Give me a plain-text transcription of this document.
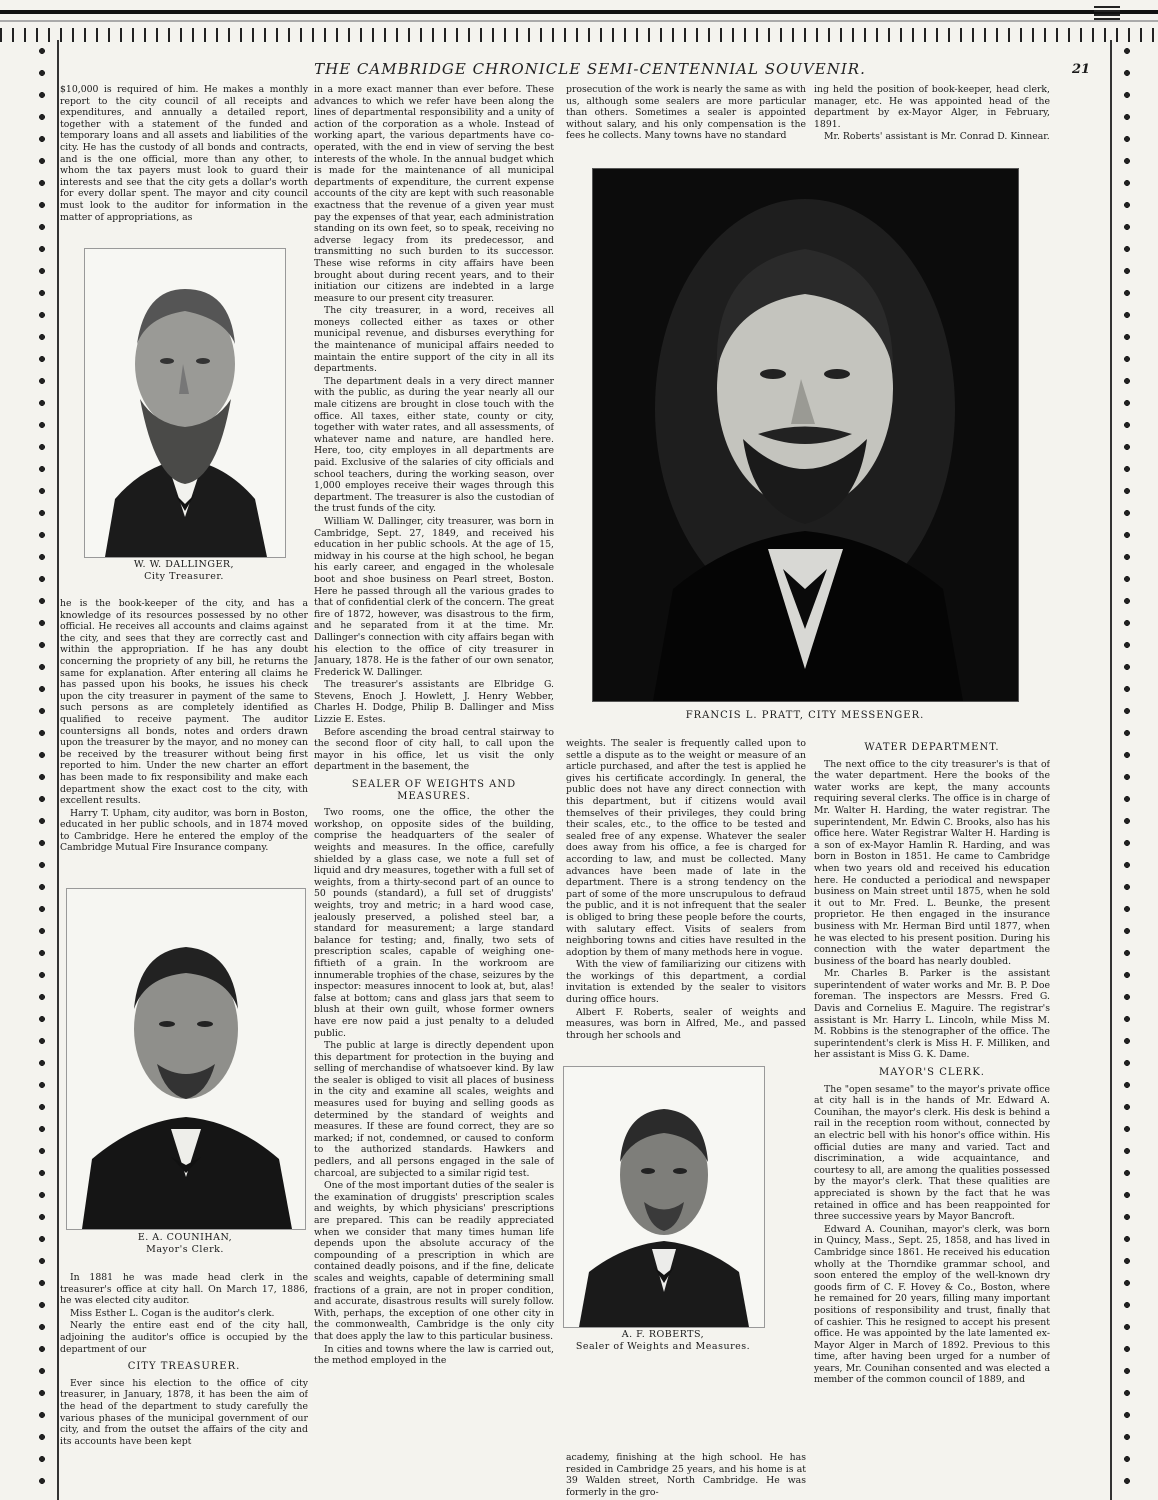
THE CAMBRIDGE CHRONICLE SEMI-CENTENNIAL SOUVENIR.	21

$10,000 is required of him. He makes a monthly report to the city council of all receipts and expenditures, and annually a detailed report, together with a statement of the funded and temporary loans and all assets and liabilities of the city. He has the custody of all bonds and contracts, and is the one official, more than any other, to whom the tax payers must look to guard their interests and see that the city gets a dollar's worth for every dollar spent. The mayor and city council must look to the auditor for information in the matter of appropriations, as

W. W. DALLINGER,
City Treasurer.

he is the book-keeper of the city, and has a knowledge of its resources possessed by no other official. He receives all accounts and claims against the city, and sees that they are correctly cast and within the appropriation. If he has any doubt concerning the propriety of any bill, he returns the same for explanation. After entering all claims he has passed upon his books, he issues his check upon the city treasurer in payment of the same to such persons as are completely identified as qualified to receive payment. The auditor countersigns all bonds, notes and orders drawn upon the treasurer by the mayor, and no money can be received by the treasurer without being first reported to him. Under the new charter an effort has been made to fix responsibility and make each department show the exact cost to the city, with excellent results.

Harry T. Upham, city auditor, was born in Boston, educated in her public schools, and in 1874 moved to Cambridge. Here he entered the employ of the Cambridge Mutual Fire Insurance company.

E. A. COUNIHAN,
Mayor's Clerk.

In 1881 he was made head clerk in the treasurer's office at city hall. On March 17, 1886, he was elected city auditor.

Miss Esther L. Cogan is the auditor's clerk.

Nearly the entire east end of the city hall, adjoining the auditor's office is occupied by the department of our

CITY TREASURER.

Ever since his election to the office of city treasurer, in January, 1878, it has been the aim of the head of the department to study carefully the various phases of the municipal government of our city, and from the outset the affairs of the city and its accounts have been kept

in a more exact manner than ever before. These advances to which we refer have been along the lines of departmental responsibility and a unity of action of the corporation as a whole. Instead of working apart, the various departments have co-operated, with the end in view of serving the best interests of the whole. In the annual budget which is made for the maintenance of all municipal departments of expenditure, the current expense accounts of the city are kept with such reasonable exactness that the revenue of a given year must pay the expenses of that year, each administration standing on its own feet, so to speak, receiving no adverse legacy from its predecessor, and transmitting no such burden to its successor. These wise reforms in city affairs have been brought about during recent years, and to their initiation our citizens are indebted in a large measure to our present city treasurer.

The city treasurer, in a word, receives all moneys collected either as taxes or other municipal revenue, and disburses everything for the maintenance of municipal affairs needed to maintain the entire support of the city in all its departments.

The department deals in a very direct manner with the public, as during the year nearly all our male citizens are brought in close touch with the office. All taxes, either state, county or city, together with water rates, and all assessments, of whatever name and nature, are handled here. Here, too, city employes in all departments are paid. Exclusive of the salaries of city officials and school teachers, during the working season, over 1,000 employes receive their wages through this department. The treasurer is also the custodian of the trust funds of the city.

William W. Dallinger, city treasurer, was born in Cambridge, Sept. 27, 1849, and received his education in her public schools. At the age of 15, midway in his course at the high school, he began his early career, and engaged in the wholesale boot and shoe business on Pearl street, Boston. Here he passed through all the various grades to that of confidential clerk of the concern. The great fire of 1872, however, was disastrous to the firm, and he separated from it at the time. Mr. Dallinger's connection with city affairs began with his election to the office of city treasurer in January, 1878. He is the father of our own senator, Frederick W. Dallinger.

The treasurer's assistants are Elbridge G. Stevens, Enoch J. Howlett, J. Henry Webber, Charles H. Dodge, Philip B. Dallinger and Miss Lizzie E. Estes.

Before ascending the broad central stairway to the second floor of city hall, to call upon the mayor in his office, let us visit the only department in the basement, the

SEALER OF WEIGHTS AND MEASURES.

Two rooms, one the office, the other the workshop, on opposite sides of the building, comprise the headquarters of the sealer of weights and measures. In the office, carefully shielded by a glass case, we note a full set of liquid and dry measures, together with a full set of weights, from a thirty-second part of an ounce to 50 pounds (standard), a full set of druggists' weights, troy and metric; in a hard wood case, jealously preserved, a polished steel bar, a standard for measurement; a large standard balance for testing; and, finally, two sets of prescription scales, capable of weighing one-fiftieth of a grain. In the workroom are innumerable trophies of the chase, seizures by the inspector: measures innocent to look at, but, alas! false at bottom; cans and glass jars that seem to blush at their own guilt, whose former owners have ere now paid a just penalty to a deluded public.

The public at large is directly dependent upon this department for protection in the buying and selling of merchandise of whatsoever kind. By law the sealer is obliged to visit all places of business in the city and examine all scales, weights and measures used for buying and selling goods as determined by the standard of weights and measures. If these are found correct, they are so marked; if not, condemned, or caused to conform to the authorized standards. Hawkers and pedlers, and all persons engaged in the sale of charcoal, are subjected to a similar rigid test.

One of the most important duties of the sealer is the examination of druggists' prescription scales and weights, by which physicians' prescriptions are prepared. This can be readily appreciated when we consider that many times human life depends upon the absolute accuracy of the compounding of a prescription in which are contained deadly poisons, and if the fine, delicate scales and weights, capable of determining small fractions of a grain, are not in proper condition, and accurate, disastrous results will surely follow. With, perhaps, the exception of one other city in the commonwealth, Cambridge is the only city that does apply the law to this particular business.

In cities and towns where the law is carried out, the method employed in the

prosecution of the work is nearly the same as with us, although some sealers are more particular than others. Sometimes a sealer is appointed without salary, and his only compensation is the fees he collects. Many towns have no standard

ing held the position of book-keeper, head clerk, manager, etc. He was appointed head of the department by ex-Mayor Alger, in February, 1891.

Mr. Roberts' assistant is Mr. Conrad D. Kinnear.

FRANCIS L. PRATT, CITY MESSENGER.

weights. The sealer is frequently called upon to settle a dispute as to the weight or measure of an article purchased, and after the test is applied he gives his certificate accordingly. In general, the public does not have any direct connection with this department, but if citizens would avail themselves of their privileges, they could bring their scales, etc., to the office to be tested and sealed free of any expense. Whatever the sealer does away from his office, a fee is charged for according to law, and must be collected. Many advances have been made of late in the department. There is a strong tendency on the part of some of the more unscrupulous to defraud the public, and it is not infrequent that the sealer is obliged to bring these people before the courts, with salutary effect. Visits of sealers from neighboring towns and cities have resulted in the adoption by them of many methods here in vogue.

With the view of familiarizing our citizens with the workings of this department, a cordial invitation is extended by the sealer to visitors during office hours.

Albert F. Roberts, sealer of weights and measures, was born in Alfred, Me., and passed through her schools and

A. F. ROBERTS,
Sealer of Weights and Measures.

academy, finishing at the high school. He has resided in Cambridge 25 years, and his home is at 39 Walden street, North Cambridge. He was formerly in the gro-

WATER DEPARTMENT.

The next office to the city treasurer's is that of the water department. Here the books of the water works are kept, the many accounts requiring several clerks. The office is in charge of Mr. Walter H. Harding, the water registrar. The superintendent, Mr. Edwin C. Brooks, also has his office here. Water Registrar Walter H. Harding is a son of ex-Mayor Hamlin R. Harding, and was born in Boston in 1851. He came to Cambridge when two years old and received his education here. He conducted a periodical and newspaper business on Main street until 1875, when he sold it out to Mr. Fred. L. Beunke, the present proprietor. He then engaged in the insurance business with Mr. Herman Bird until 1877, when he was elected to his present position. During his connection with the water department the business of the board has nearly doubled.

Mr. Charles B. Parker is the assistant superintendent of water works and Mr. B. P. Doe foreman. The inspectors are Messrs. Fred G. Davis and Cornelius E. Maguire. The registrar's assistant is Mr. Harry L. Lincoln, while Miss M. M. Robbins is the stenographer of the office. The superintendent's clerk is Miss H. F. Milliken, and her assistant is Miss G. K. Dame.

MAYOR'S CLERK.

The "open sesame" to the mayor's private office at city hall is in the hands of Mr. Edward A. Counihan, the mayor's clerk. His desk is behind a rail in the reception room without, connected by an electric bell with his honor's office within. His official duties are many and varied. Tact and discrimination, a wide acquaintance, and courtesy to all, are among the qualities possessed by the mayor's clerk. That these qualities are appreciated is shown by the fact that he was retained in office and has been reappointed for three successive years by Mayor Bancroft.

Edward A. Counihan, mayor's clerk, was born in Quincy, Mass., Sept. 25, 1858, and has lived in Cambridge since 1861. He received his education wholly at the Thorndike grammar school, and soon entered the employ of the well-known dry goods firm of C. F. Hovey & Co., Boston, where he remained for 20 years, filling many important positions of responsibility and trust, finally that of cashier. This he resigned to accept his present office. He was appointed by the late lamented ex-Mayor Alger in March of 1892. Previous to this time, after having been urged for a number of years, Mr. Counihan consented and was elected a member of the common council of 1889, and
